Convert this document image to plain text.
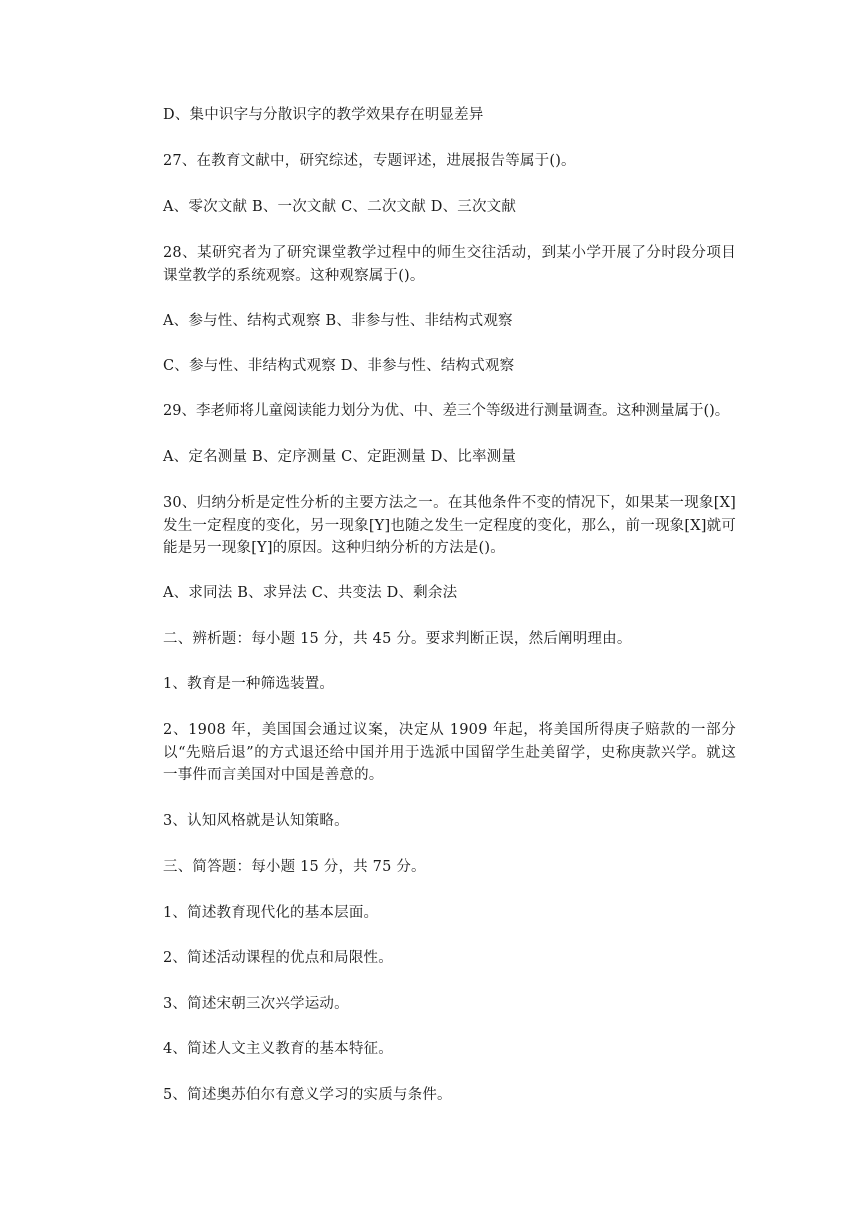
D、集中识字与分散识字的教学效果存在明显差异

27、在教育文献中，研究综述，专题评述，进展报告等属于()。

A、零次文献 B、一次文献 C、二次文献 D、三次文献

28、某研究者为了研究课堂教学过程中的师生交往活动，到某小学开展了分时段分项目课堂教学的系统观察。这种观察属于()。

A、参与性、结构式观察 B、非参与性、非结构式观察

C、参与性、非结构式观察 D、非参与性、结构式观察

29、李老师将儿童阅读能力划分为优、中、差三个等级进行测量调查。这种测量属于()。

A、定名测量 B、定序测量 C、定距测量 D、比率测量

30、归纳分析是定性分析的主要方法之一。在其他条件不变的情况下，如果某一现象[X]发生一定程度的变化，另一现象[Y]也随之发生一定程度的变化，那么，前一现象[X]就可能是另一现象[Y]的原因。这种归纳分析的方法是()。

A、求同法 B、求异法 C、共变法 D、剩余法

二、辨析题：每小题 15 分，共 45 分。要求判断正误，然后阐明理由。

1、教育是一种筛选装置。

2、1908 年，美国国会通过议案，决定从 1909 年起，将美国所得庚子赔款的一部分以“先赔后退”的方式退还给中国并用于选派中国留学生赴美留学，史称庚款兴学。就这一事件而言美国对中国是善意的。

3、认知风格就是认知策略。

三、简答题：每小题 15 分，共 75 分。

1、简述教育现代化的基本层面。

2、简述活动课程的优点和局限性。

3、简述宋朝三次兴学运动。

4、简述人文主义教育的基本特征。

5、简述奥苏伯尔有意义学习的实质与条件。
